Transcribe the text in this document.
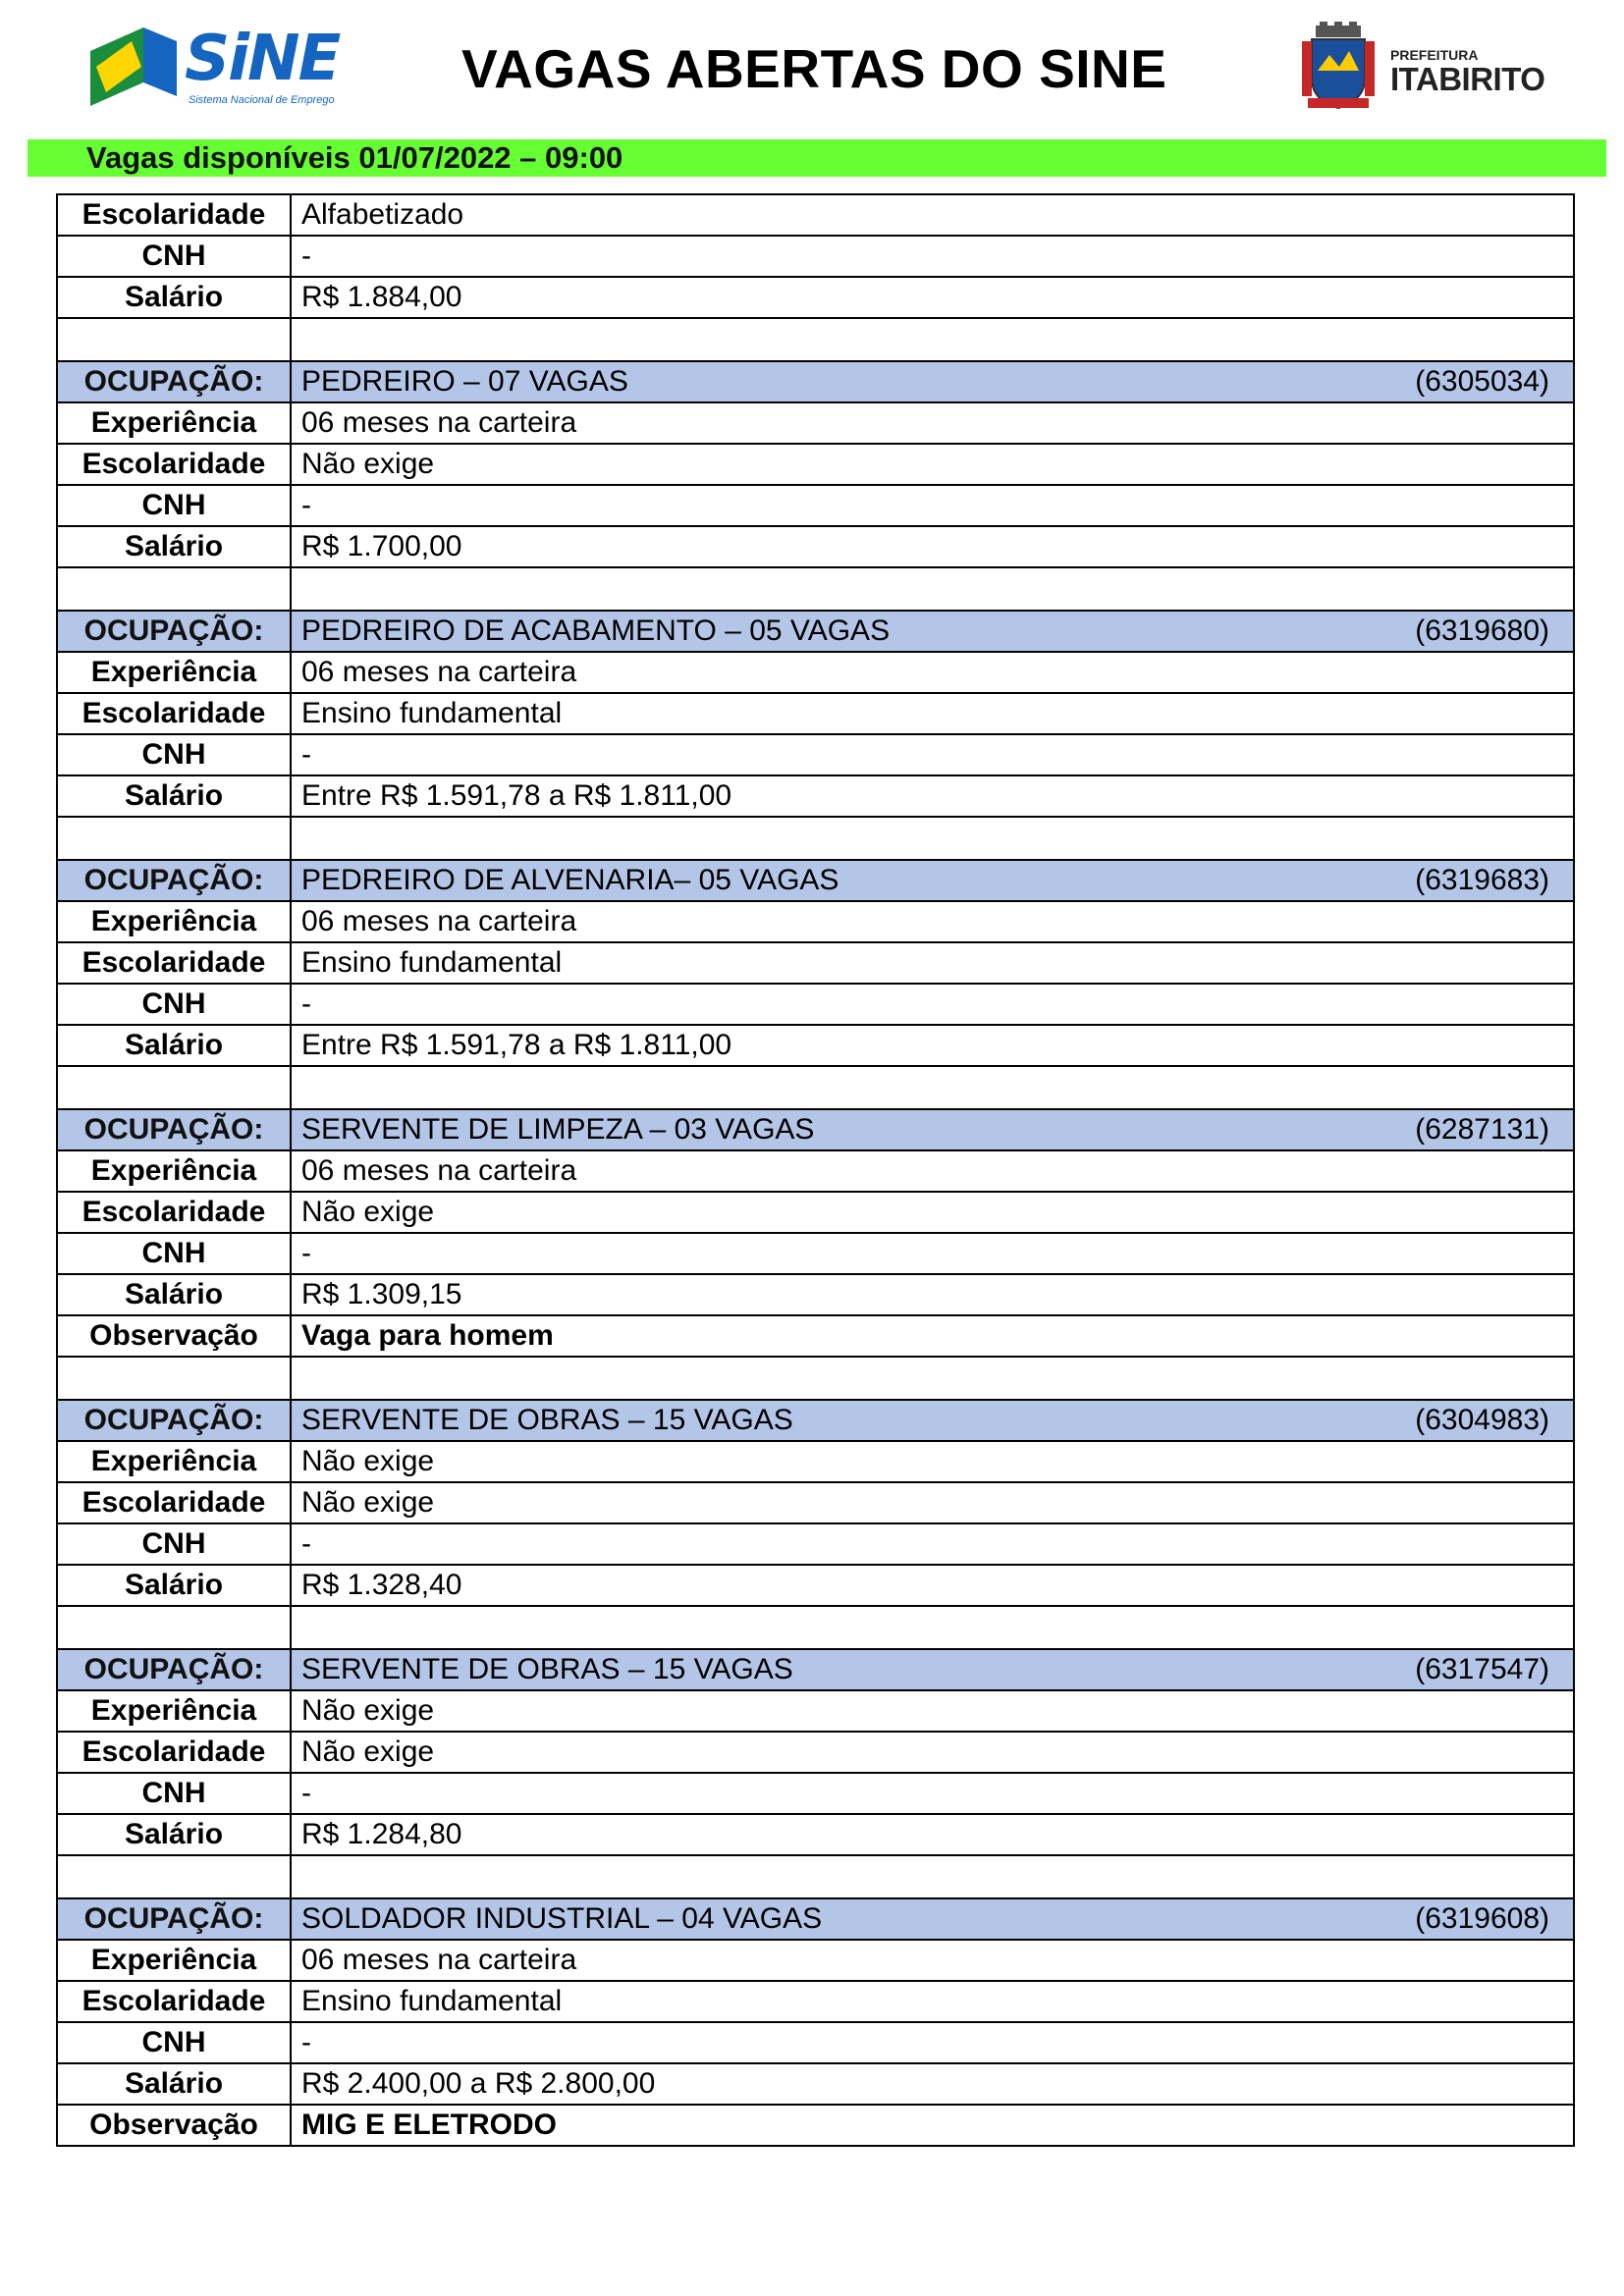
SiNE
Sistema Nacional de Emprego
VAGAS ABERTAS DO SINE	PREFEITURA
ITABIRITO
Vagas disponíveis 01/07/2022 – 09:00
Escolaridade	Alfabetizado
CNH	-
Salário	R$ 1.884,00

OCUPAÇÃO:	PEDREIRO – 07 VAGAS (6305034)

Experiência	06 meses na carteira
Escolaridade	Não exige
CNH	-
Salário	R$ 1.700,00

OCUPAÇÃO:	PEDREIRO DE ACABAMENTO – 05 VAGAS (6319680)

Experiência	06 meses na carteira
Escolaridade	Ensino fundamental
CNH	-
Salário	Entre R$ 1.591,78 a R$ 1.811,00

OCUPAÇÃO:	PEDREIRO DE ALVENARIA– 05 VAGAS (6319683)

Experiência	06 meses na carteira
Escolaridade	Ensino fundamental
CNH	-
Salário	Entre R$ 1.591,78 a R$ 1.811,00

OCUPAÇÃO:	SERVENTE DE LIMPEZA – 03 VAGAS (6287131)

Experiência	06 meses na carteira
Escolaridade	Não exige
CNH	-
Salário	R$ 1.309,15
Observação	Vaga para homem

OCUPAÇÃO:	SERVENTE DE OBRAS – 15 VAGAS (6304983)

Experiência	Não exige
Escolaridade	Não exige
CNH	-
Salário	R$ 1.328,40

OCUPAÇÃO:	SERVENTE DE OBRAS – 15 VAGAS (6317547)

Experiência	Não exige
Escolaridade	Não exige
CNH	-
Salário	R$ 1.284,80

OCUPAÇÃO:	SOLDADOR INDUSTRIAL – 04 VAGAS (6319608)

Experiência	06 meses na carteira
Escolaridade	Ensino fundamental
CNH	-
Salário	R$ 2.400,00 a R$ 2.800,00
Observação	MIG E ELETRODO
